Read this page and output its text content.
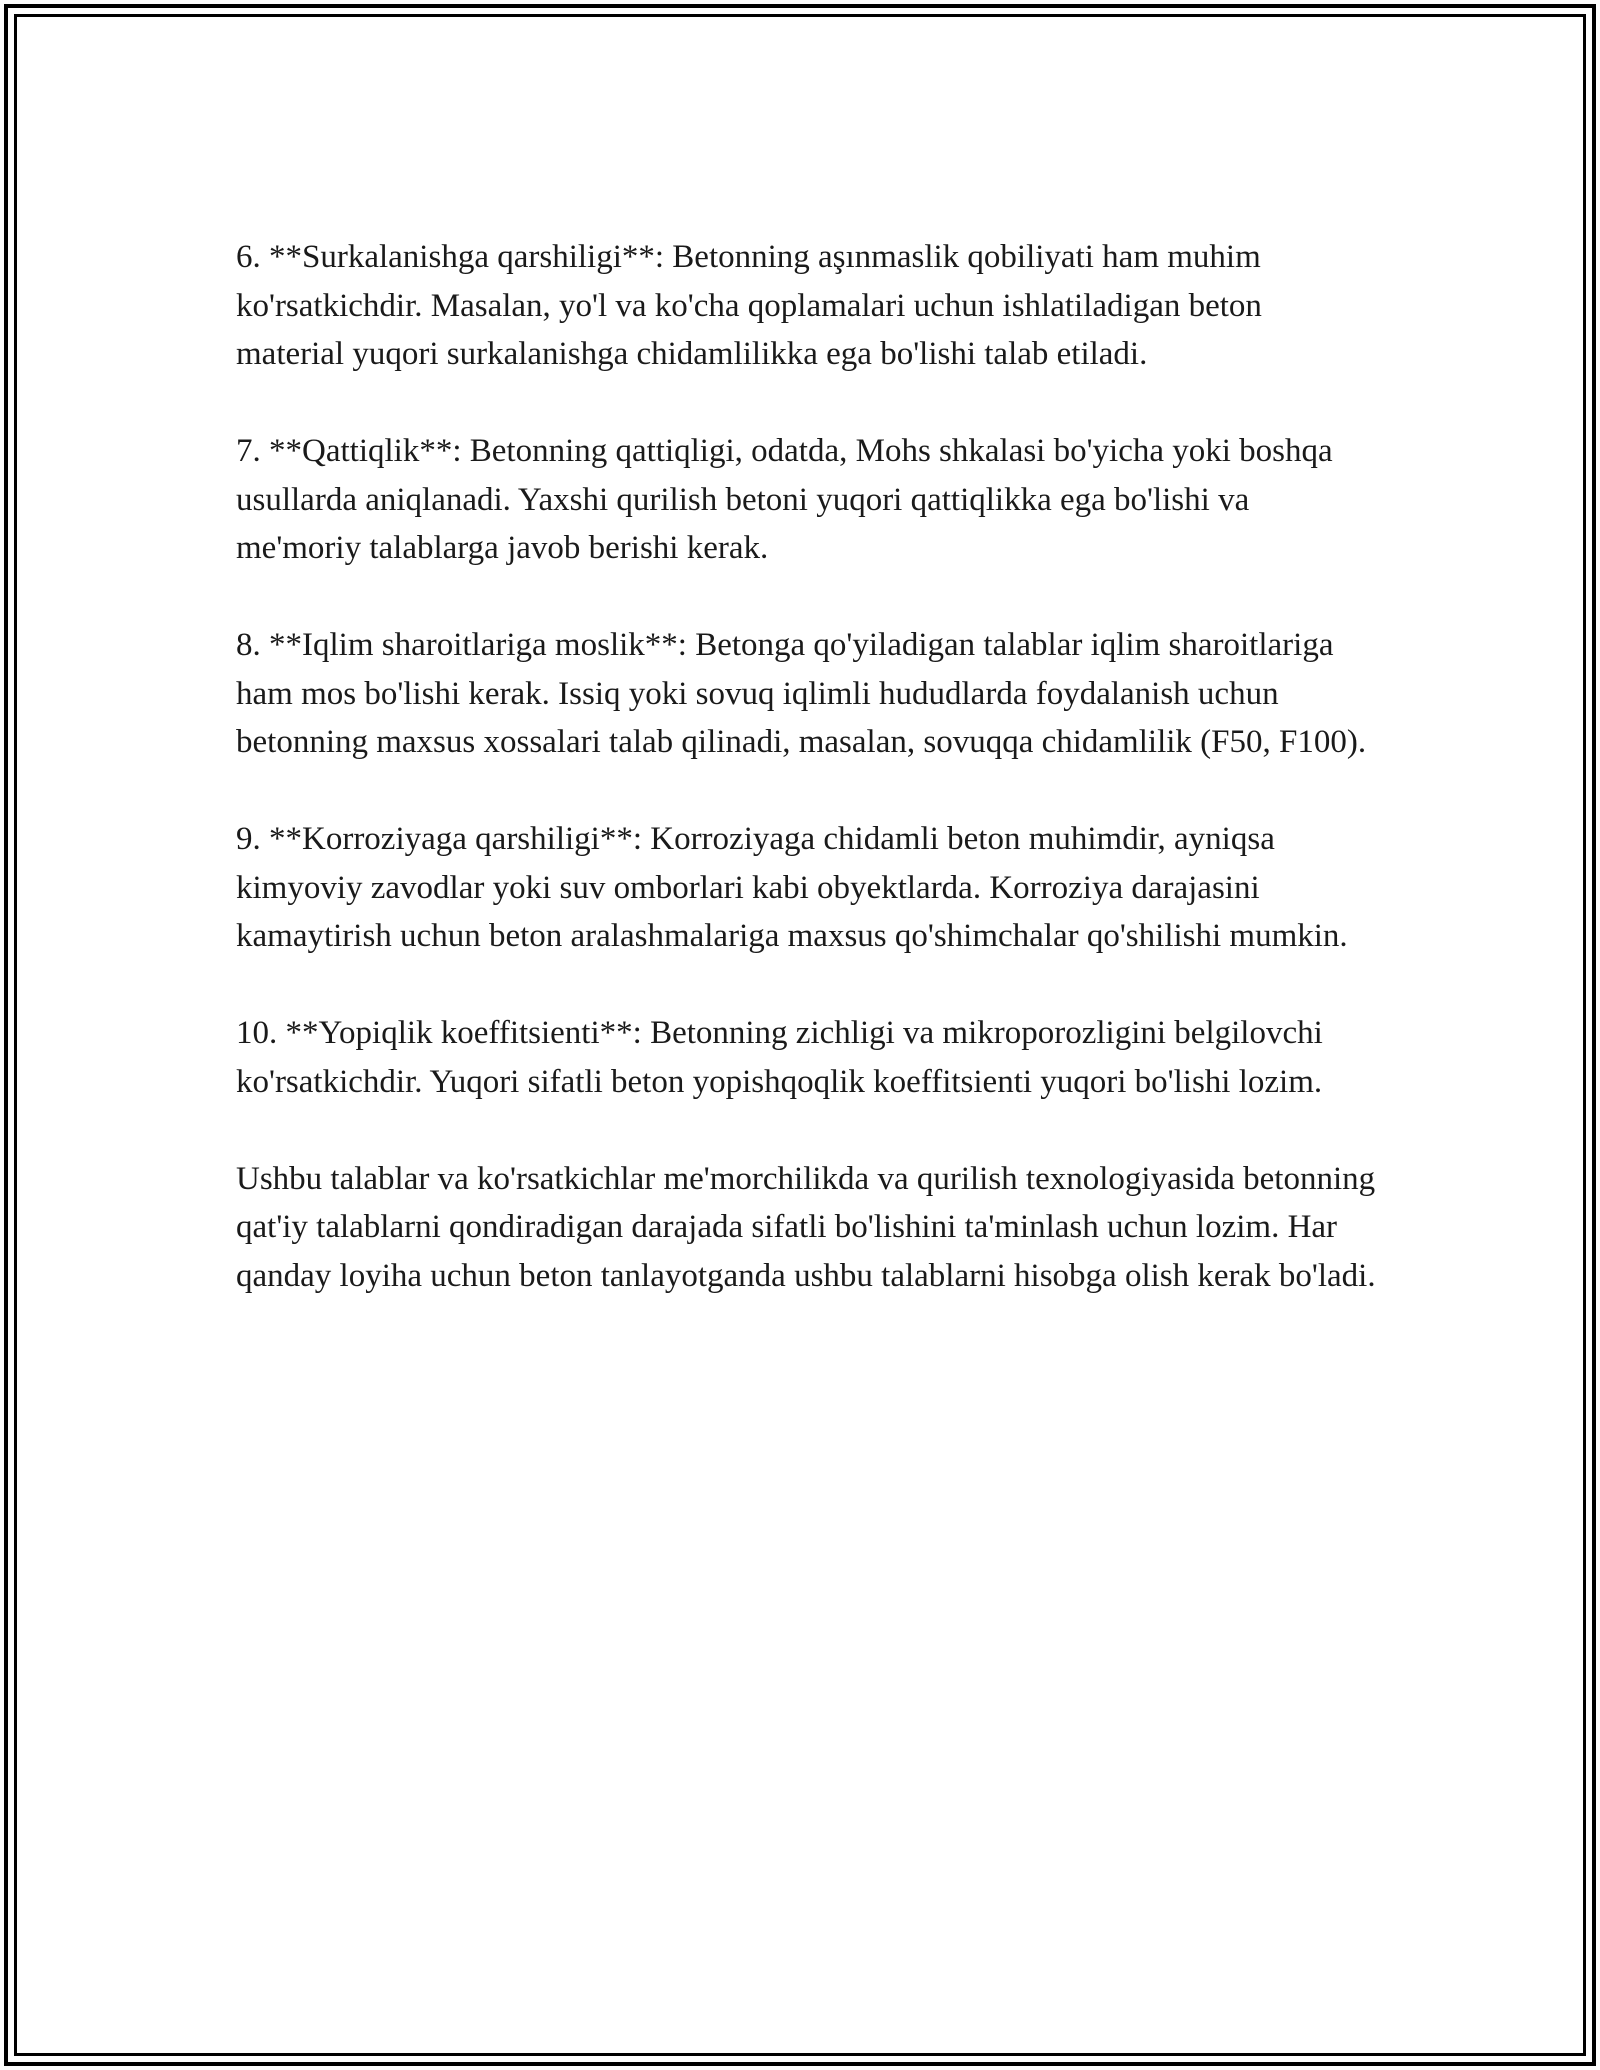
6. **Surkalanishga qarshiligi**: Betonning aşınmaslik qobiliyati ham muhim ko'rsatkichdir. Masalan, yo'l va ko'cha qoplamalari uchun ishlatiladigan beton material yuqori surkalanishga chidamlilikka ega bo'lishi talab etiladi.

7. **Qattiqlik**: Betonning qattiqligi, odatda, Mohs shkalasi bo'yicha yoki boshqa usullarda aniqlanadi. Yaxshi qurilish betoni yuqori qattiqlikka ega bo'lishi va me'moriy talablarga javob berishi kerak.

8. **Iqlim sharoitlariga moslik**: Betonga qo'yiladigan talablar iqlim sharoitlariga ham mos bo'lishi kerak. Issiq yoki sovuq iqlimli hududlarda foydalanish uchun betonning maxsus xossalari talab qilinadi, masalan, sovuqqa chidamlilik (F50, F100).

9. **Korroziyaga qarshiligi**: Korroziyaga chidamli beton muhimdir, ayniqsa kimyoviy zavodlar yoki suv omborlari kabi obyektlarda. Korroziya darajasini kamaytirish uchun beton aralashmalariga maxsus qo'shimchalar qo'shilishi mumkin.

10. **Yopiqlik koeffitsienti**: Betonning zichligi va mikroporozligini belgilovchi ko'rsatkichdir. Yuqori sifatli beton yopishqoqlik koeffitsienti yuqori bo'lishi lozim.

Ushbu talablar va ko'rsatkichlar me'morchilikda va qurilish texnologiyasida betonning qat'iy talablarni qondiradigan darajada sifatli bo'lishini ta'minlash uchun lozim. Har qanday loyiha uchun beton tanlayotganda ushbu talablarni hisobga olish kerak bo'ladi.
